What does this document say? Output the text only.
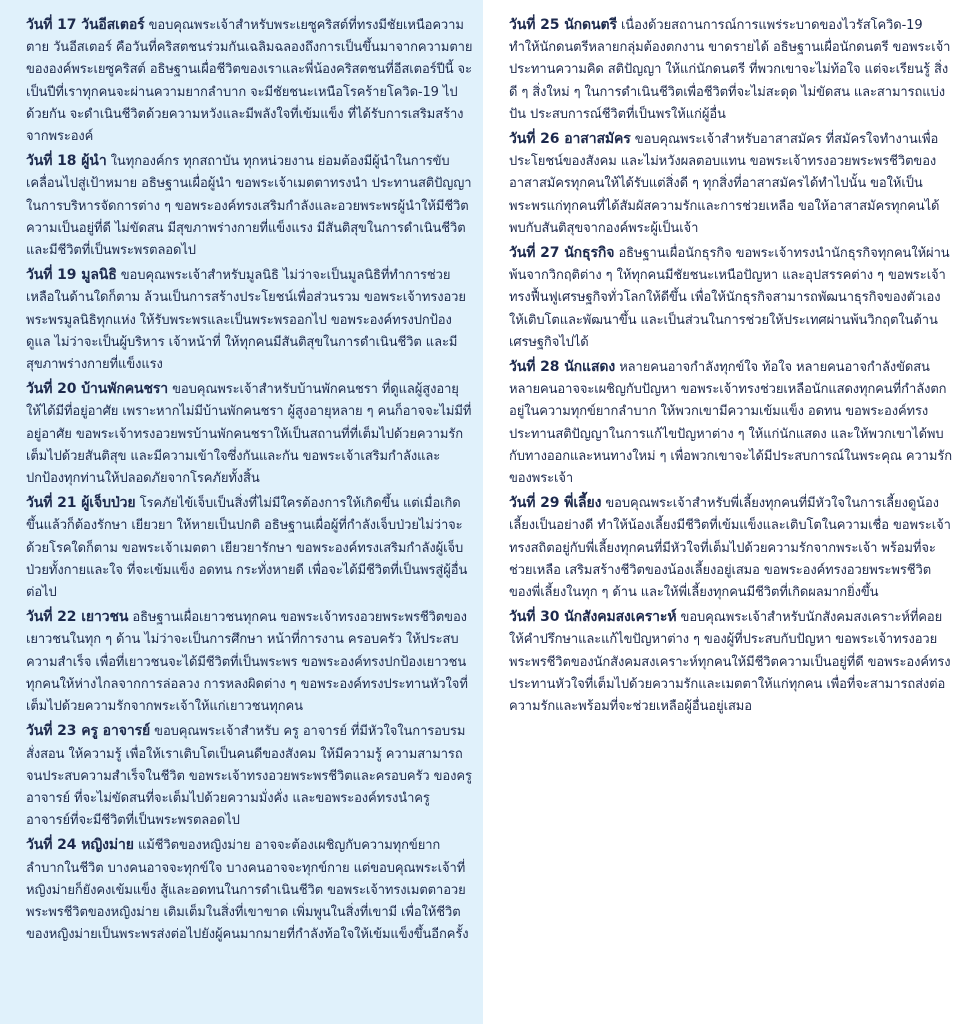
วันที่ 17 วันอีสเตอร์ ขอบคุณพระเจ้าสำหรับพระเยซูคริสต์ที่ทรงมีชัยเหนือความตาย วันอีสเตอร์ คือวันที่คริสตชนร่วมกันเฉลิมฉลองถึงการเป็นขึ้นมาจากความตายขององค์พระเยซูคริสต์ อธิษฐานเผื่อชีวิตของเราและพี่น้องคริสตชนที่อีสเตอร์ปีนี้ จะเป็นปีที่เราทุกคนจะผ่านความยากลำบาก จะมีชัยชนะเหนือโรคร้ายโควิด-19 ไปด้วยกัน จะดำเนินชีวิตด้วยความหวังและมีพลังใจที่เข้มแข็ง ที่ได้รับการเสริมสร้างจากพระองค์

วันที่ 18 ผู้นำ ในทุกองค์กร ทุกสถาบัน ทุกหน่วยงาน ย่อมต้องมีผู้นำในการขับเคลื่อนไปสู่เป้าหมาย อธิษฐานเผื่อผู้นำ ขอพระเจ้าเมตตาทรงนำ ประทานสติปัญญาในการบริหารจัดการต่าง ๆ ขอพระองค์ทรงเสริมกำลังและอวยพระพรผู้นำให้มีชีวิตความเป็นอยู่ที่ดี ไม่ขัดสน มีสุขภาพร่างกายที่แข็งแรง มีสันติสุขในการดำเนินชีวิต และมีชีวิตที่เป็นพระพรตลอดไป

วันที่ 19 มูลนิธิ ขอบคุณพระเจ้าสำหรับมูลนิธิ ไม่ว่าจะเป็นมูลนิธิที่ทำการช่วยเหลือในด้านใดก็ตาม ล้วนเป็นการสร้างประโยชน์เพื่อส่วนรวม ขอพระเจ้าทรงอวยพระพรมูลนิธิทุกแห่ง ให้รับพระพรและเป็นพระพรออกไป ขอพระองค์ทรงปกป้อง ดูแล ไม่ว่าจะเป็นผู้บริหาร เจ้าหน้าที่ ให้ทุกคนมีสันติสุขในการดำเนินชีวิต และมีสุขภาพร่างกายที่แข็งแรง

วันที่ 20 บ้านพักคนชรา ขอบคุณพระเจ้าสำหรับบ้านพักคนชรา ที่ดูแลผู้สูงอายุให้ได้มีที่อยู่อาศัย เพราะหากไม่มีบ้านพักคนชรา ผู้สูงอายุหลาย ๆ คนก็อาจจะไม่มีที่อยู่อาศัย ขอพระเจ้าทรงอวยพรบ้านพักคนชราให้เป็นสถานที่ที่เต็มไปด้วยความรักเต็มไปด้วยสันติสุข และมีความเข้าใจซึ่งกันและกัน ขอพระเจ้าเสริมกำลังและปกป้องทุกท่านให้ปลอดภัยจากโรคภัยทั้งสิ้น

วันที่ 21 ผู้เจ็บป่วย โรคภัยไข้เจ็บเป็นสิ่งที่ไม่มีใครต้องการให้เกิดขึ้น แต่เมื่อเกิดขึ้นแล้วก็ต้องรักษา เยียวยา ให้หายเป็นปกติ อธิษฐานเผื่อผู้ที่กำลังเจ็บป่วยไม่ว่าจะด้วยโรคใดก็ตาม ขอพระเจ้าเมตตา เยียวยารักษา ขอพระองค์ทรงเสริมกำลังผู้เจ็บป่วยทั้งกายและใจ ที่จะเข้มแข็ง อดทน กระทั่งหายดี เพื่อจะได้มีชีวิตที่เป็นพรสู่ผู้อื่นต่อไป

วันที่ 22 เยาวชน อธิษฐานเผื่อเยาวชนทุกคน ขอพระเจ้าทรงอวยพระพรชีวิตของเยาวชนในทุก ๆ ด้าน ไม่ว่าจะเป็นการศึกษา หน้าที่การงาน ครอบครัว ให้ประสบความสำเร็จ เพื่อที่เยาวชนจะได้มีชีวิตที่เป็นพระพร ขอพระองค์ทรงปกป้องเยาวชน ทุกคนให้ห่างไกลจากการล่อลวง การหลงผิดต่าง ๆ ขอพระองค์ทรงประทานหัวใจที่เต็มไปด้วยความรักจากพระเจ้าให้แก่เยาวชนทุกคน

วันที่ 23 ครู อาจารย์ ขอบคุณพระเจ้าสำหรับ ครู อาจารย์ ที่มีหัวใจในการอบรมสั่งสอน ให้ความรู้ เพื่อให้เราเติบโตเป็นคนดีของสังคม ให้มีความรู้ ความสามารถ จนประสบความสำเร็จในชีวิต ขอพระเจ้าทรงอวยพระพรชีวิตและครอบครัว ของครู อาจารย์ ที่จะไม่ขัดสนที่จะเต็มไปด้วยความมั่งคั่ง และขอพระองค์ทรงนำครู อาจารย์ที่จะมีชีวิตที่เป็นพระพรตลอดไป

วันที่ 24 หญิงม่าย แม้ชีวิตของหญิงม่าย อาจจะต้องเผชิญกับความทุกข์ยากลำบากในชีวิต บางคนอาจจะทุกข์ใจ บางคนอาจจะทุกข์กาย แต่ขอบคุณพระเจ้าที่หญิงม่ายก็ยังคงเข้มแข็ง สู้และอดทนในการดำเนินชีวิต ขอพระเจ้าทรงเมตตาอวยพระพรชีวิตของหญิงม่าย เติมเต็มในสิ่งที่เขาขาด เพิ่มพูนในสิ่งที่เขามี เพื่อให้ชีวิตของหญิงม่ายเป็นพระพรส่งต่อไปยังผู้คนมากมายที่กำลังท้อใจให้เข้มแข็งขึ้นอีกครั้ง

วันที่ 25 นักดนตรี เนื่องด้วยสถานการณ์การแพร่ระบาดของไวรัสโควิด-19 ทำให้นักดนตรีหลายกลุ่มต้องตกงาน ขาดรายได้ อธิษฐานเผื่อนักดนตรี ขอพระเจ้าประทานความคิด สติปัญญา ให้แก่นักดนตรี ที่พวกเขาจะไม่ท้อใจ แต่จะเรียนรู้ สิ่งดี ๆ สิ่งใหม่ ๆ ในการดำเนินชีวิตเพื่อชีวิตที่จะไม่สะดุด ไม่ขัดสน และสามารถแบ่งปัน ประสบการณ์ชีวิตที่เป็นพรให้แก่ผู้อื่น

วันที่ 26 อาสาสมัคร ขอบคุณพระเจ้าสำหรับอาสาสมัคร ที่สมัครใจทำงานเพื่อประโยชน์ของสังคม และไม่หวังผลตอบแทน ขอพระเจ้าทรงอวยพระพรชีวิตของอาสาสมัครทุกคนให้ได้รับแต่สิ่งดี ๆ ทุกสิ่งที่อาสาสมัครได้ทำไปนั้น ขอให้เป็นพระพรแก่ทุกคนที่ได้สัมผัสความรักและการช่วยเหลือ ขอให้อาสาสมัครทุกคนได้พบกับสันติสุขจากองค์พระผู้เป็นเจ้า

วันที่ 27 นักธุรกิจ อธิษฐานเผื่อนักธุรกิจ ขอพระเจ้าทรงนำนักธุรกิจทุกคนให้ผ่านพ้นจากวิกฤติต่าง ๆ ให้ทุกคนมีชัยชนะเหนือปัญหา และอุปสรรคต่าง ๆ ขอพระเจ้าทรงฟื้นฟูเศรษฐกิจทั่วโลกให้ดีขึ้น เพื่อให้นักธุรกิจสามารถพัฒนาธุรกิจของตัวเองให้เติบโตและพัฒนาขึ้น และเป็นส่วนในการช่วยให้ประเทศผ่านพ้นวิกฤตในด้านเศรษฐกิจไปได้

วันที่ 28 นักแสดง หลายคนอาจกำลังทุกข์ใจ ท้อใจ หลายคนอาจกำลังขัดสน หลายคนอาจจะเผชิญกับปัญหา ขอพระเจ้าทรงช่วยเหลือนักแสดงทุกคนที่กำลังตกอยู่ในความทุกข์ยากลำบาก ให้พวกเขามีความเข้มแข็ง อดทน ขอพระองค์ทรงประทานสติปัญญาในการแก้ไขปัญหาต่าง ๆ ให้แก่นักแสดง และให้พวกเขาได้พบกับทางออกและหนทางใหม่ ๆ เพื่อพวกเขาจะได้มีประสบการณ์ในพระคุณ ความรักของพระเจ้า

วันที่ 29 พี่เลี้ยง ขอบคุณพระเจ้าสำหรับพี่เลี้ยงทุกคนที่มีหัวใจในการเลี้ยงดูน้องเลี้ยงเป็นอย่างดี ทำให้น้องเลี้ยงมีชีวิตที่เข้มแข็งและเติบโตในความเชื่อ ขอพระเจ้าทรงสถิตอยู่กับพี่เลี้ยงทุกคนที่มีหัวใจที่เต็มไปด้วยความรักจากพระเจ้า พร้อมที่จะช่วยเหลือ เสริมสร้างชีวิตของน้องเลี้ยงอยู่เสมอ ขอพระองค์ทรงอวยพระพรชีวิตของพี่เลี้ยงในทุก ๆ ด้าน และให้พี่เลี้ยงทุกคนมีชีวิตที่เกิดผลมากยิ่งขึ้น

วันที่ 30 นักสังคมสงเคราะห์ ขอบคุณพระเจ้าสำหรับนักสังคมสงเคราะห์ที่คอยให้คำปรึกษาและแก้ไขปัญหาต่าง ๆ ของผู้ที่ประสบกับปัญหา ขอพระเจ้าทรงอวยพระพรชีวิตของนักสังคมสงเคราะห์ทุกคนให้มีชีวิตความเป็นอยู่ที่ดี ขอพระองค์ทรงประทานหัวใจที่เต็มไปด้วยความรักและเมตตาให้แก่ทุกคน เพื่อที่จะสามารถส่งต่อความรักและพร้อมที่จะช่วยเหลือผู้อื่นอยู่เสมอ
